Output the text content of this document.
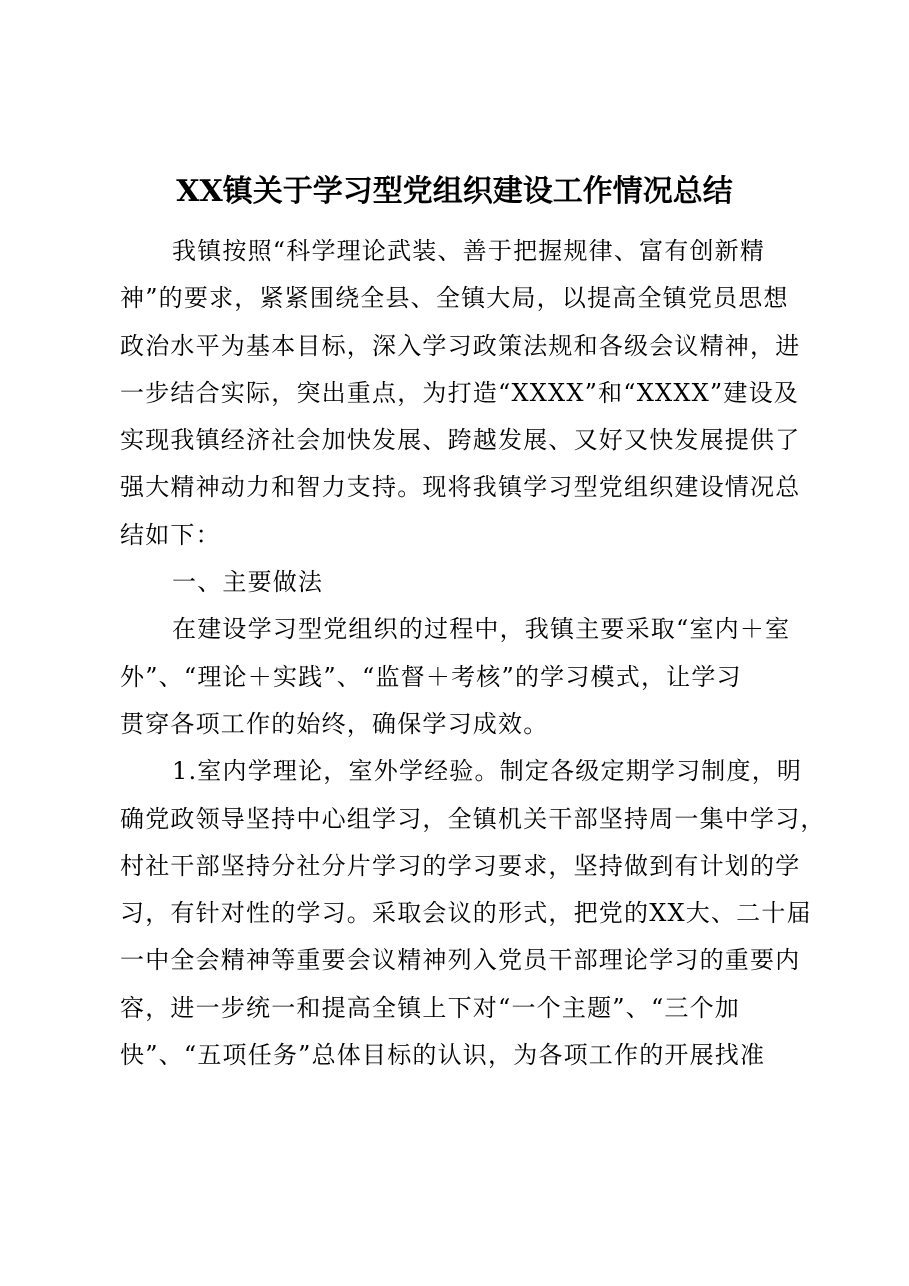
XX镇关于学习型党组织建设工作情况总结
我镇按照“科学理论武装、善于把握规律、富有创新精
神”的要求，紧紧围绕全县、全镇大局，以提高全镇党员思想
政治水平为基本目标，深入学习政策法规和各级会议精神，进
一步结合实际，突出重点，为打造“XXXX”和“XXXX”建设及
实现我镇经济社会加快发展、跨越发展、又好又快发展提供了
强大精神动力和智力支持。现将我镇学习型党组织建设情况总
结如下：
一、主要做法
在建设学习型党组织的过程中，我镇主要采取“室内＋室
外”、“理论＋实践”、“监督＋考核”的学习模式，让学习
贯穿各项工作的始终，确保学习成效。
1.室内学理论，室外学经验。制定各级定期学习制度，明
确党政领导坚持中心组学习，全镇机关干部坚持周一集中学习，
村社干部坚持分社分片学习的学习要求，坚持做到有计划的学
习，有针对性的学习。采取会议的形式，把党的XX大、二十届
一中全会精神等重要会议精神列入党员干部理论学习的重要内
容，进一步统一和提高全镇上下对“一个主题”、“三个加
快”、“五项任务”总体目标的认识，为各项工作的开展找准
